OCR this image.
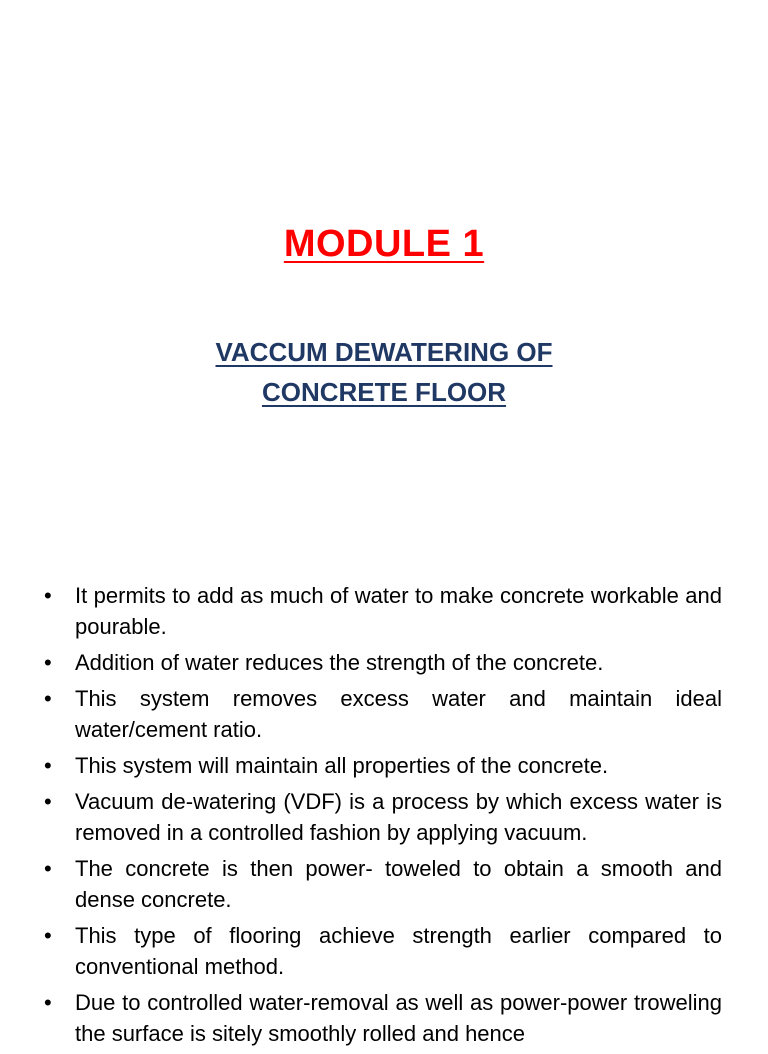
MODULE 1
VACCUM DEWATERING OF
CONCRETE FLOOR
•	It permits to add as much of water to make concrete workable and pourable.
•	Addition of water reduces the strength of the concrete.
•	This system removes excess water and maintain ideal water/cement ratio.
•	This system will maintain all properties of the concrete.
•	Vacuum de-watering (VDF) is a process by which excess water is removed in a controlled fashion by applying vacuum.
•	The concrete is then power- toweled to obtain a smooth and dense concrete.
•	This type of flooring achieve strength earlier compared to conventional method.
•	Due to controlled water-removal as well as power-power troweling the surface is sitely smoothly rolled and hence
